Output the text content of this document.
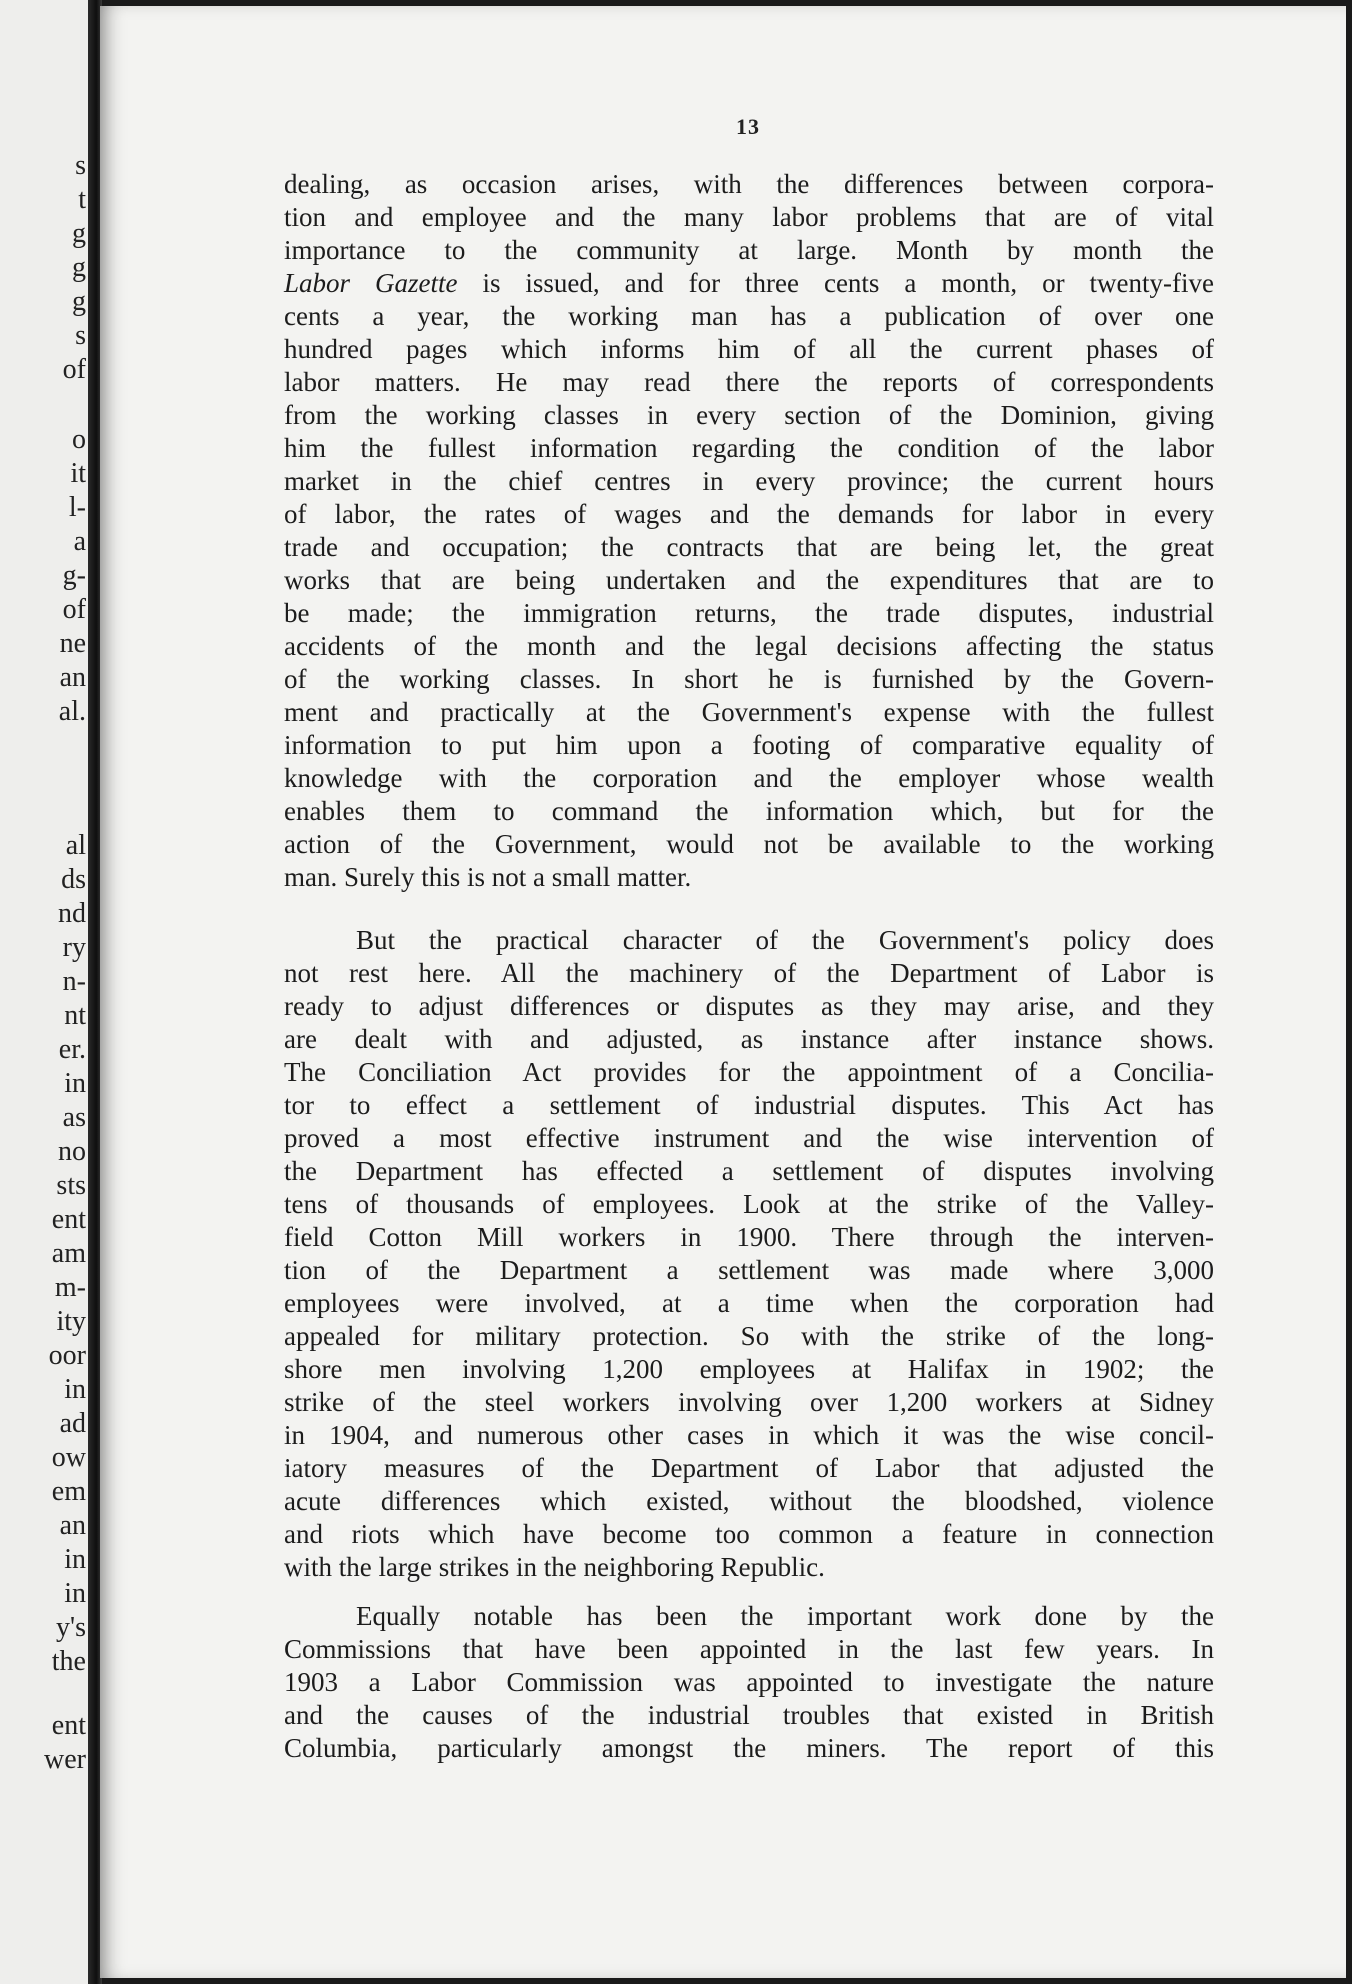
s
t
g
g
g
s
of
o
it
l-
a
g-
of
ne
an
al.
al
ds
nd
ry
n-
nt
er.
in
as
no
sts
ent
am
m-
ity
oor
in
ad
ow
em
an
in
in
y's
the
ent
wer
13
dealing, as occasion arises, with the differences between corpora-
tion and employee and the many labor problems that are of vital
importance to the community at large. Month by month the
Labor Gazette is issued, and for three cents a month, or twenty-five
cents a year, the working man has a publication of over one
hundred pages which informs him of all the current phases of
labor matters. He may read there the reports of correspondents
from the working classes in every section of the Dominion, giving
him the fullest information regarding the condition of the labor
market in the chief centres in every province; the current hours
of labor, the rates of wages and the demands for labor in every
trade and occupation; the contracts that are being let, the great
works that are being undertaken and the expenditures that are to
be made; the immigration returns, the trade disputes, industrial
accidents of the month and the legal decisions affecting the status
of the working classes. In short he is furnished by the Govern-
ment and practically at the Government's expense with the fullest
information to put him upon a footing of comparative equality of
knowledge with the corporation and the employer whose wealth
enables them to command the information which, but for the
action of the Government, would not be available to the working
man. Surely this is not a small matter.
But the practical character of the Government's policy does
not rest here. All the machinery of the Department of Labor is
ready to adjust differences or disputes as they may arise, and they
are dealt with and adjusted, as instance after instance shows.
The Conciliation Act provides for the appointment of a Concilia-
tor to effect a settlement of industrial disputes. This Act has
proved a most effective instrument and the wise intervention of
the Department has effected a settlement of disputes involving
tens of thousands of employees. Look at the strike of the Valley-
field Cotton Mill workers in 1900. There through the interven-
tion of the Department a settlement was made where 3,000
employees were involved, at a time when the corporation had
appealed for military protection. So with the strike of the long-
shore men involving 1,200 employees at Halifax in 1902; the
strike of the steel workers involving over 1,200 workers at Sidney
in 1904, and numerous other cases in which it was the wise concil-
iatory measures of the Department of Labor that adjusted the
acute differences which existed, without the bloodshed, violence
and riots which have become too common a feature in connection
with the large strikes in the neighboring Republic.
Equally notable has been the important work done by the
Commissions that have been appointed in the last few years. In
1903 a Labor Commission was appointed to investigate the nature
and the causes of the industrial troubles that existed in British
Columbia, particularly amongst the miners. The report of this
